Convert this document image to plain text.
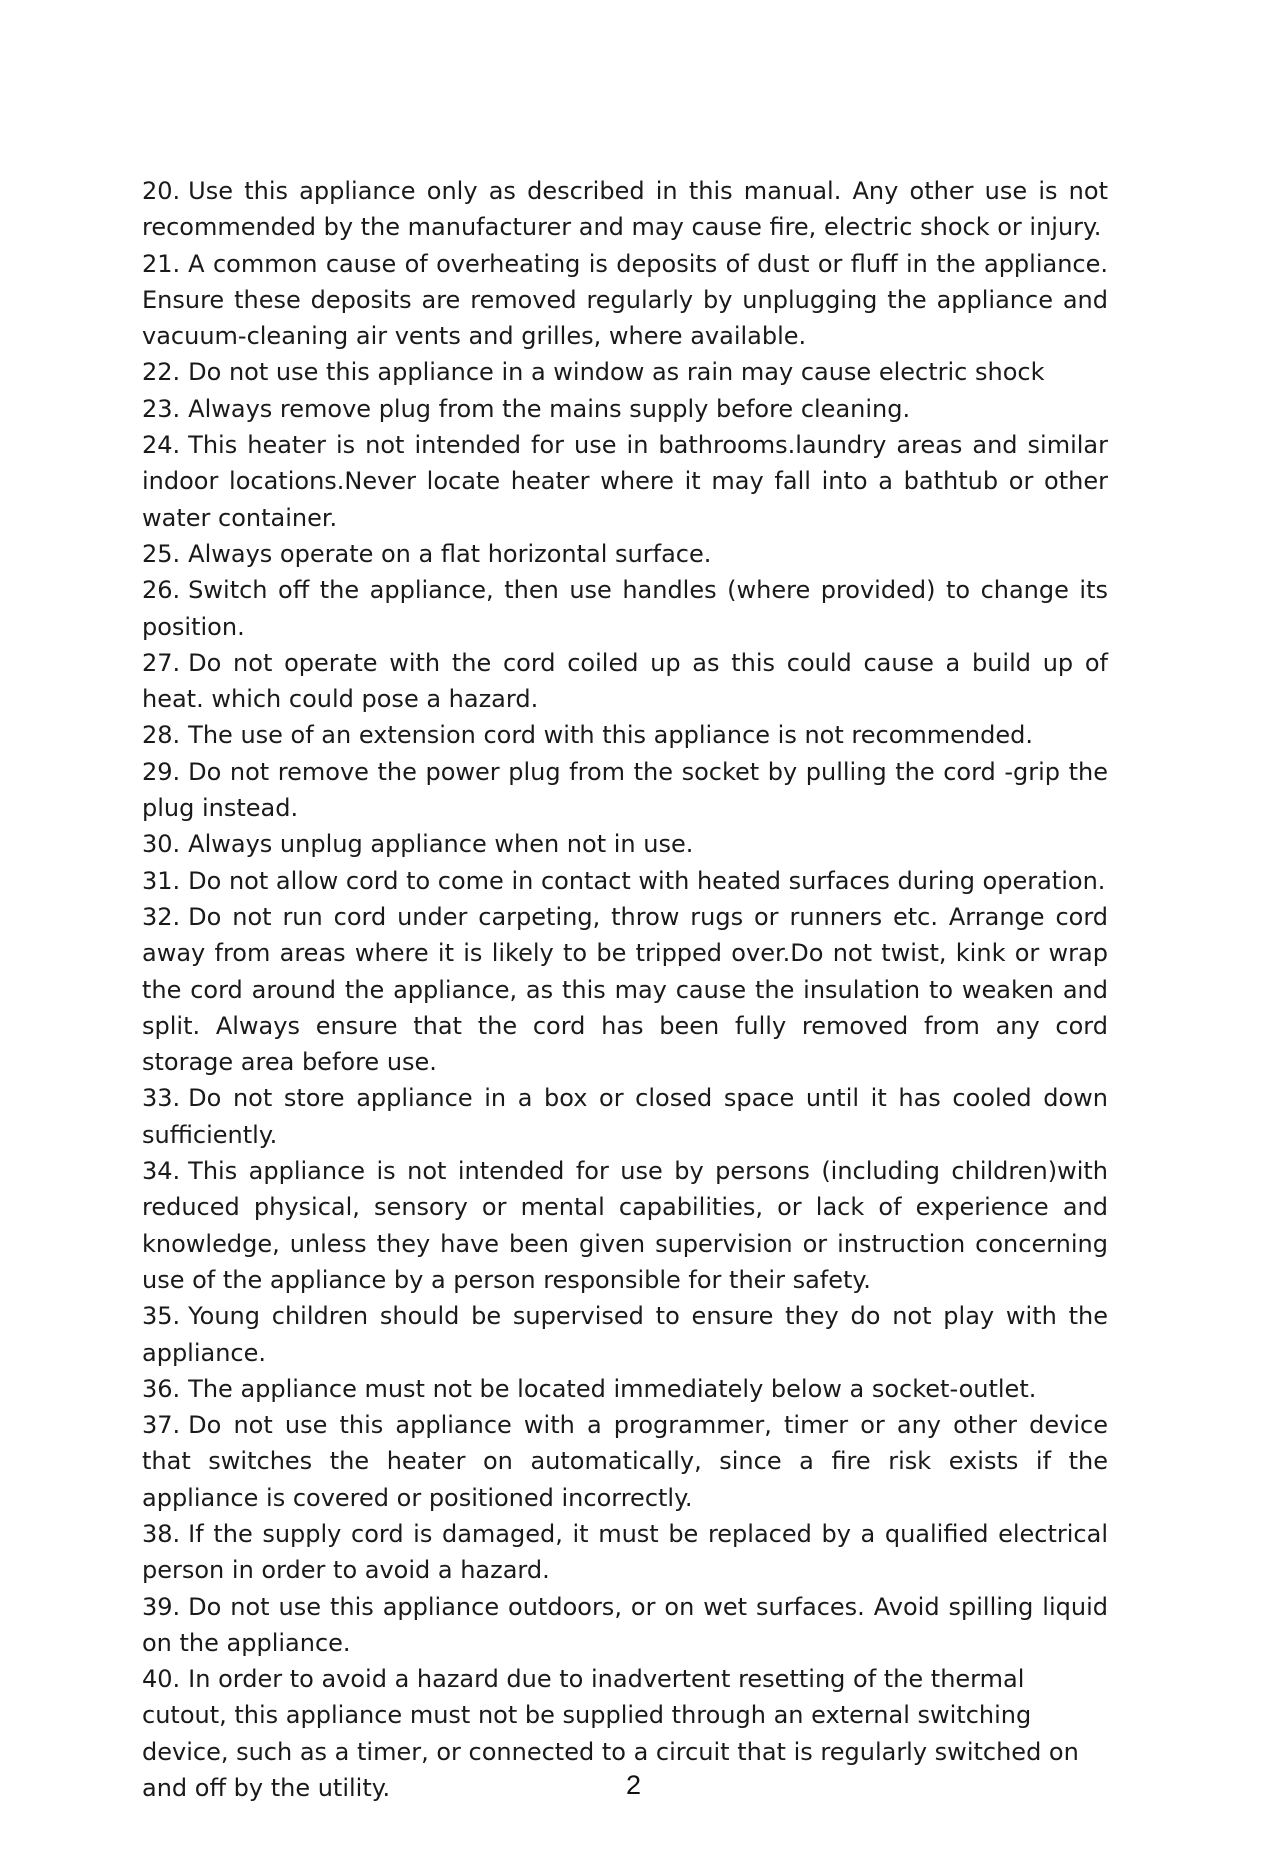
20. Use this appliance only as described in this manual. Any other use is not recommended by the manufacturer and may cause fire, electric shock or injury.
21. A common cause of overheating is deposits of dust or fluff in the appliance. Ensure these deposits are removed regularly by unplugging the appliance and vacuum-cleaning air vents and grilles, where available.
22. Do not use this appliance in a window as rain may cause electric shock
23. Always remove plug from the mains supply before cleaning.
24. This heater is not intended for use in bathrooms.laundry areas and similar indoor locations.Never locate heater where it may fall into a bathtub or other water container.
25. Always operate on a flat horizontal surface.
26. Switch off the appliance, then use handles (where provided) to change its position.
27. Do not operate with the cord coiled up as this could cause a build up of heat. which could pose a hazard.
28. The use of an extension cord with this appliance is not recommended.
29. Do not remove the power plug from the socket by pulling the cord -grip the plug instead.
30. Always unplug appliance when not in use.
31. Do not allow cord to come in contact with heated surfaces during operation.
32. Do not run cord under carpeting, throw rugs or runners etc. Arrange cord away from areas where it is likely to be tripped over.Do not twist, kink or wrap the cord around the appliance, as this may cause the insulation to weaken and split. Always ensure that the cord has been fully removed from any cord storage area before use.
33. Do not store appliance in a box or closed space until it has cooled down sufficiently.
34. This appliance is not intended for use by persons (including children)with reduced physical, sensory or mental capabilities, or lack of experience and knowledge, unless they have been given supervision or instruction concerning use of the appliance by a person responsible for their safety.
35. Young children should be supervised to ensure they do not play with the appliance.
36. The appliance must not be located immediately below a socket-outlet.
37. Do not use this appliance with a programmer, timer or any other device that switches the heater on automatically, since a fire risk exists if the appliance is covered or positioned incorrectly.
38. If the supply cord is damaged, it must be replaced by a qualified electrical person in order to avoid a hazard.
39. Do not use this appliance outdoors, or on wet surfaces. Avoid spilling liquid on the appliance.
40. In order to avoid a hazard due to inadvertent resetting of the thermal cutout, this appliance must not be supplied through an external switching device, such as a timer, or connected to a circuit that is regularly switched on and off by the utility.	2
